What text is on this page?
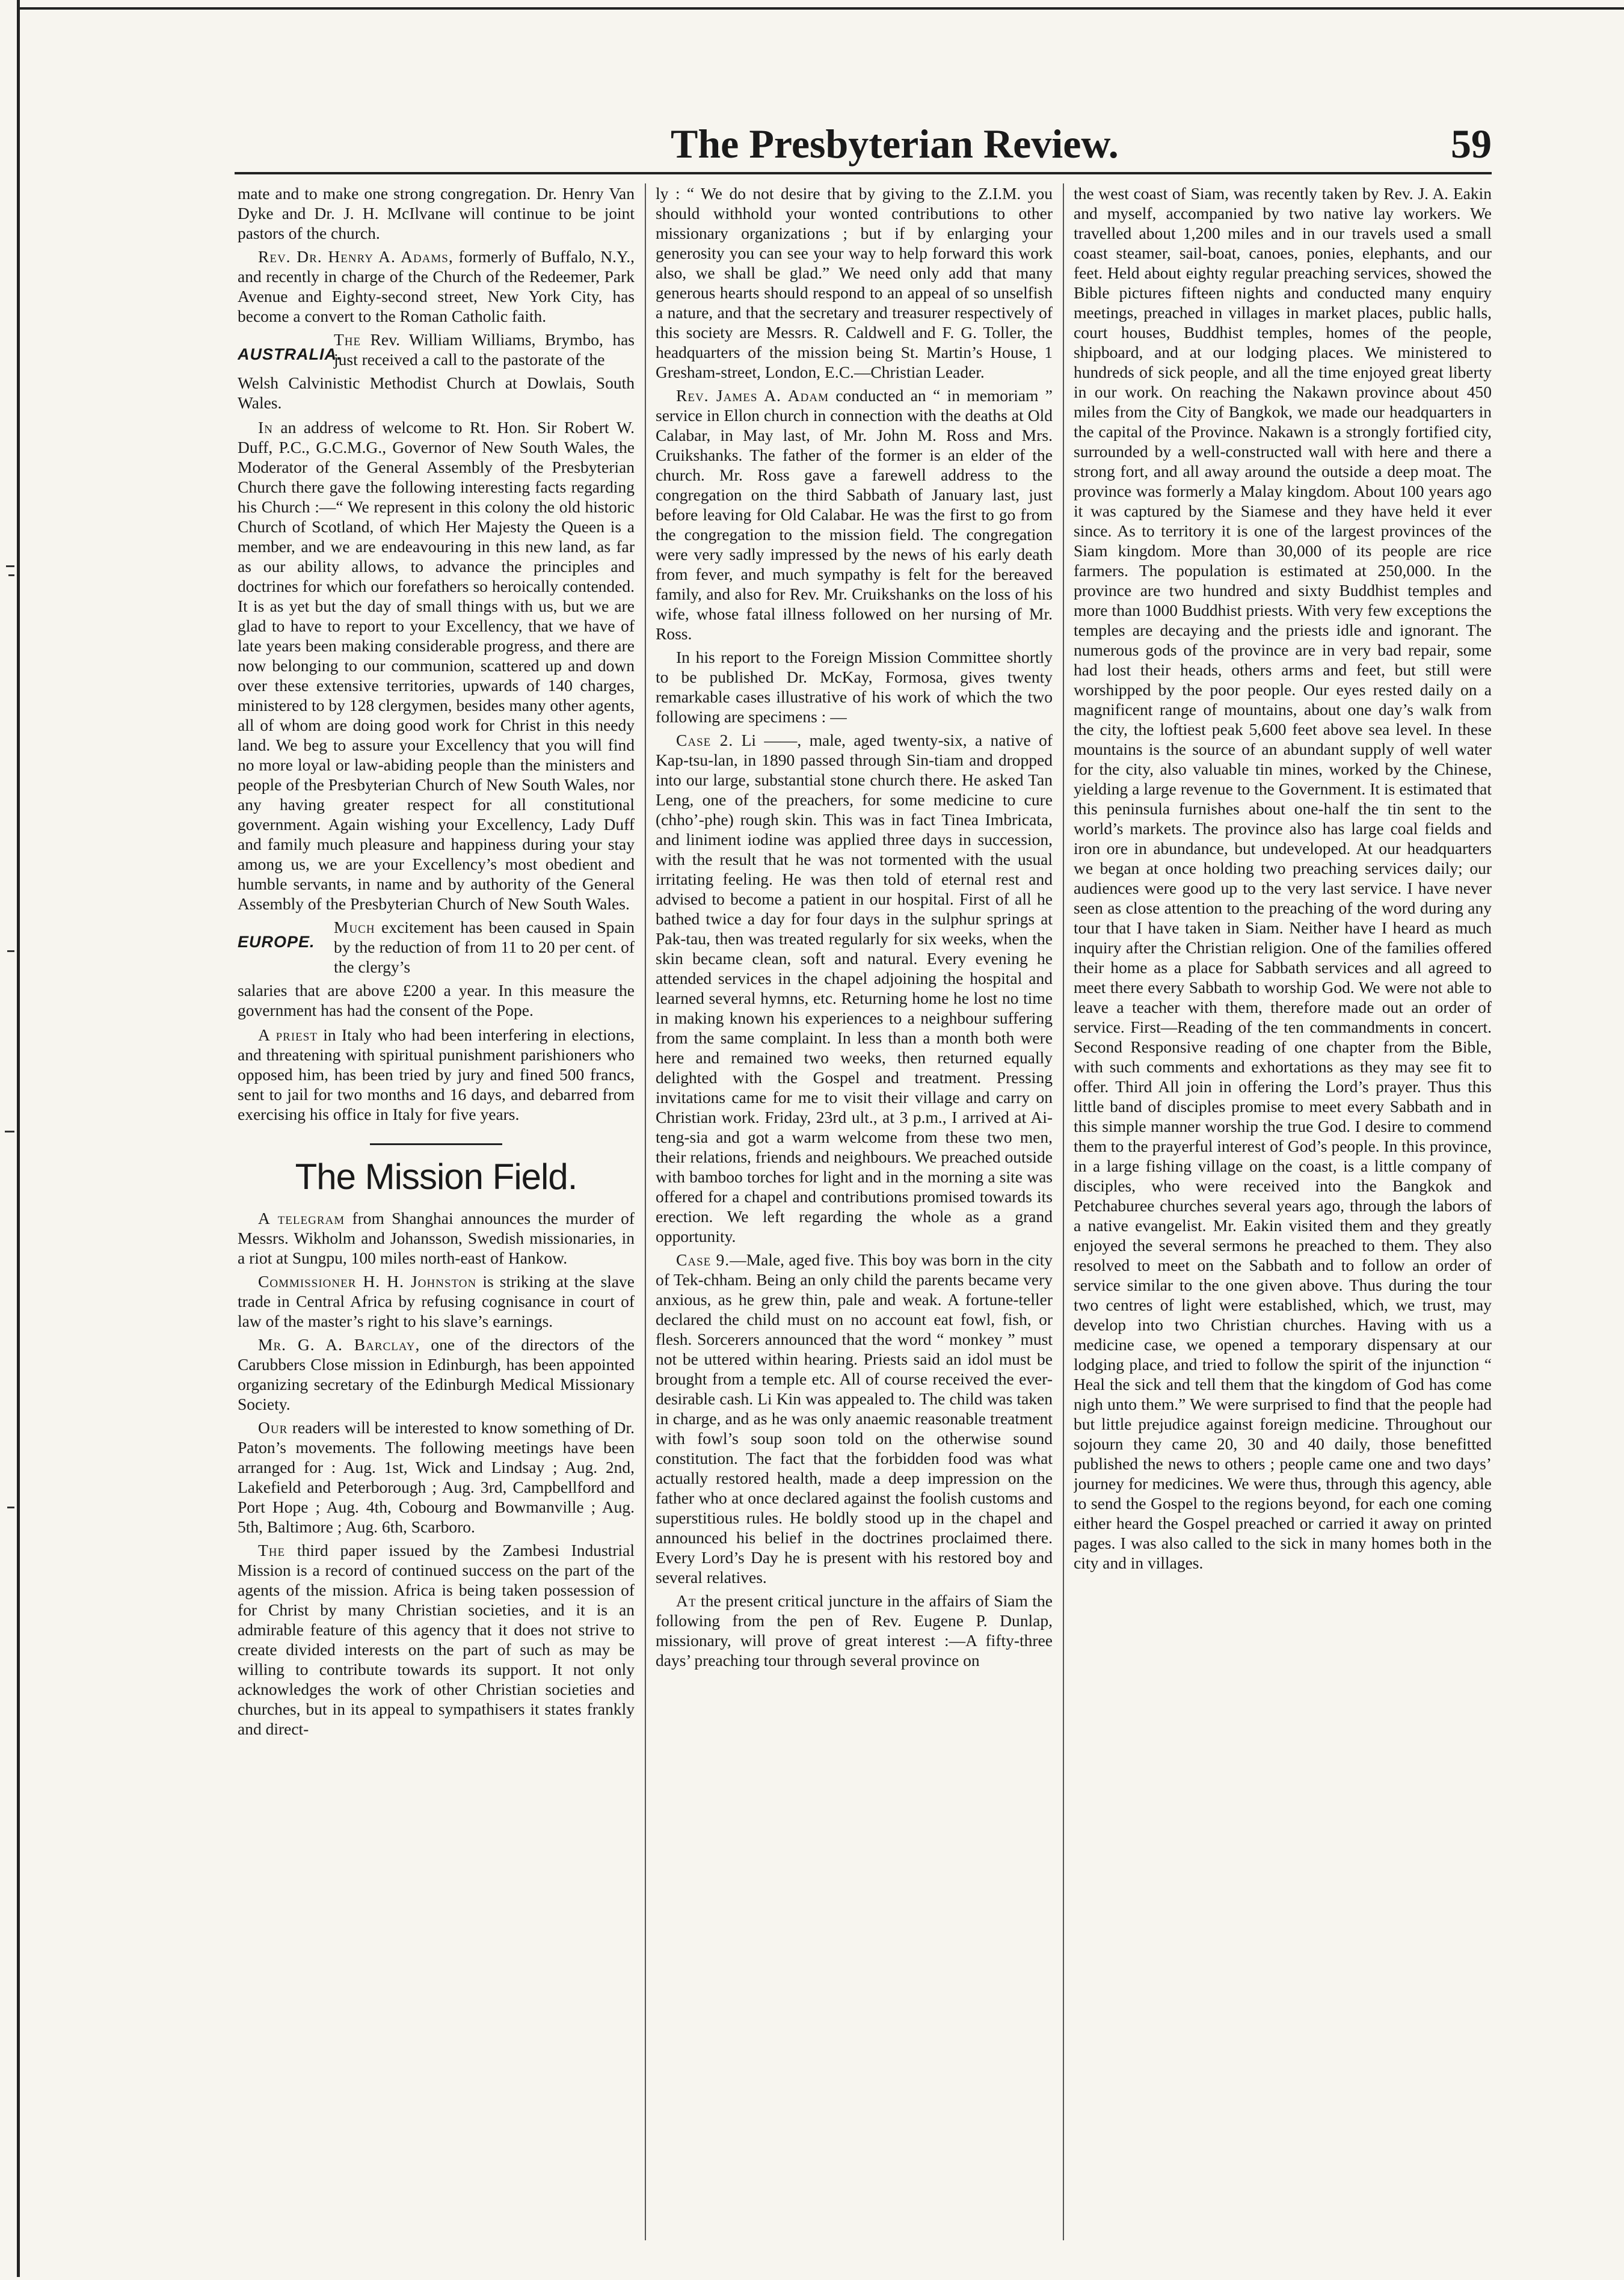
The Presbyterian Review.	59

mate and to make one strong congregation. Dr. Henry Van Dyke and Dr. J. H. McIlvane will continue to be joint pastors of the church.

Rev. Dr. Henry A. Adams, formerly of Buffalo, N.Y., and recently in charge of the Church of the Redeemer, Park Avenue and Eighty-second street, New York City, has become a convert to the Roman Catholic faith.

AUSTRALIA.

The Rev. William Williams, Brymbo, has just received a call to the pastorate of the

Welsh Calvinistic Methodist Church at Dowlais, South Wales.

In an address of welcome to Rt. Hon. Sir Robert W. Duff, P.C., G.C.M.G., Governor of New South Wales, the Moderator of the General Assembly of the Presbyterian Church there gave the following interesting facts regarding his Church :—“ We represent in this colony the old historic Church of Scotland, of which Her Majesty the Queen is a member, and we are endeavouring in this new land, as far as our ability allows, to advance the principles and doctrines for which our forefathers so heroically contended. It is as yet but the day of small things with us, but we are glad to have to report to your Excellency, that we have of late years been making considerable progress, and there are now belonging to our communion, scattered up and down over these extensive territories, upwards of 140 charges, ministered to by 128 clergymen, besides many other agents, all of whom are doing good work for Christ in this needy land. We beg to assure your Excellency that you will find no more loyal or law-abiding people than the ministers and people of the Presbyterian Church of New South Wales, nor any having greater respect for all constitutional government. Again wishing your Excellency, Lady Duff and family much pleasure and happiness during your stay among us, we are your Excellency’s most obedient and humble servants, in name and by authority of the General Assembly of the Presbyterian Church of New South Wales.

EUROPE.

Much excitement has been caused in Spain by the reduction of from 11 to 20 per cent. of the clergy’s

salaries that are above £200 a year. In this measure the government has had the consent of the Pope.

A priest in Italy who had been interfering in elections, and threatening with spiritual punishment parishioners who opposed him, has been tried by jury and fined 500 francs, sent to jail for two months and 16 days, and debarred from exercising his office in Italy for five years.

The Mission Field.

A telegram from Shanghai announces the murder of Messrs. Wikholm and Johansson, Swedish missionaries, in a riot at Sungpu, 100 miles north-east of Hankow.

Commissioner H. H. Johnston is striking at the slave trade in Central Africa by refusing cognisance in court of law of the master’s right to his slave’s earnings.

Mr. G. A. Barclay, one of the directors of the Carubbers Close mission in Edinburgh, has been appointed organizing secretary of the Edinburgh Medical Missionary Society.

Our readers will be interested to know something of Dr. Paton’s movements. The following meetings have been arranged for : Aug. 1st, Wick and Lindsay ; Aug. 2nd, Lakefield and Peterborough ; Aug. 3rd, Campbellford and Port Hope ; Aug. 4th, Cobourg and Bowmanville ; Aug. 5th, Baltimore ; Aug. 6th, Scarboro.

The third paper issued by the Zambesi Industrial Mission is a record of continued success on the part of the agents of the mission. Africa is being taken possession of for Christ by many Christian societies, and it is an admirable feature of this agency that it does not strive to create divided interests on the part of such as may be willing to contribute towards its support. It not only acknowledges the work of other Christian societies and churches, but in its appeal to sympathisers it states frankly and direct-

ly : “ We do not desire that by giving to the Z.I.M. you should withhold your wonted contributions to other missionary organizations ; but if by enlarging your generosity you can see your way to help forward this work also, we shall be glad.” We need only add that many generous hearts should respond to an appeal of so unselfish a nature, and that the secretary and treasurer respectively of this society are Messrs. R. Caldwell and F. G. Toller, the headquarters of the mission being St. Martin’s House, 1 Gresham-street, London, E.C.—Christian Leader.

Rev. James A. Adam conducted an “ in memoriam ” service in Ellon church in connection with the deaths at Old Calabar, in May last, of Mr. John M. Ross and Mrs. Cruikshanks. The father of the former is an elder of the church. Mr. Ross gave a farewell address to the congregation on the third Sabbath of January last, just before leaving for Old Calabar. He was the first to go from the congregation to the mission field. The congregation were very sadly impressed by the news of his early death from fever, and much sympathy is felt for the bereaved family, and also for Rev. Mr. Cruikshanks on the loss of his wife, whose fatal illness followed on her nursing of Mr. Ross.

In his report to the Foreign Mission Committee shortly to be published Dr. McKay, Formosa, gives twenty remarkable cases illustrative of his work of which the two following are specimens : —

Case 2. Li ——, male, aged twenty-six, a native of Kap-tsu-lan, in 1890 passed through Sin-tiam and dropped into our large, substantial stone church there. He asked Tan Leng, one of the preachers, for some medicine to cure (chho’-phe) rough skin. This was in fact Tinea Imbricata, and liniment iodine was applied three days in succession, with the result that he was not tormented with the usual irritating feeling. He was then told of eternal rest and advised to become a patient in our hospital. First of all he bathed twice a day for four days in the sulphur springs at Pak-tau, then was treated regularly for six weeks, when the skin became clean, soft and natural. Every evening he attended services in the chapel adjoining the hospital and learned several hymns, etc. Returning home he lost no time in making known his experiences to a neighbour suffering from the same complaint. In less than a month both were here and remained two weeks, then returned equally delighted with the Gospel and treatment. Pressing invitations came for me to visit their village and carry on Christian work. Friday, 23rd ult., at 3 p.m., I arrived at Ai-teng-sia and got a warm welcome from these two men, their relations, friends and neighbours. We preached outside with bamboo torches for light and in the morning a site was offered for a chapel and contributions promised towards its erection. We left regarding the whole as a grand opportunity.

Case 9.—Male, aged five. This boy was born in the city of Tek-chham. Being an only child the parents became very anxious, as he grew thin, pale and weak. A fortune-teller declared the child must on no account eat fowl, fish, or flesh. Sorcerers announced that the word “ monkey ” must not be uttered within hearing. Priests said an idol must be brought from a temple etc. All of course received the ever-desirable cash. Li Kin was appealed to. The child was taken in charge, and as he was only anaemic reasonable treatment with fowl’s soup soon told on the otherwise sound constitution. The fact that the forbidden food was what actually restored health, made a deep impression on the father who at once declared against the foolish customs and superstitious rules. He boldly stood up in the chapel and announced his belief in the doctrines proclaimed there. Every Lord’s Day he is present with his restored boy and several relatives.

At the present critical juncture in the affairs of Siam the following from the pen of Rev. Eugene P. Dunlap, missionary, will prove of great interest :—A fifty-three days’ preaching tour through several province on

the west coast of Siam, was recently taken by Rev. J. A. Eakin and myself, accompanied by two native lay workers. We travelled about 1,200 miles and in our travels used a small coast steamer, sail-boat, canoes, ponies, elephants, and our feet. Held about eighty regular preaching services, showed the Bible pictures fifteen nights and conducted many enquiry meetings, preached in villages in market places, public halls, court houses, Buddhist temples, homes of the people, shipboard, and at our lodging places. We ministered to hundreds of sick people, and all the time enjoyed great liberty in our work. On reaching the Nakawn province about 450 miles from the City of Bangkok, we made our headquarters in the capital of the Province. Nakawn is a strongly fortified city, surrounded by a well-constructed wall with here and there a strong fort, and all away around the outside a deep moat. The province was formerly a Malay kingdom. About 100 years ago it was captured by the Siamese and they have held it ever since. As to territory it is one of the largest provinces of the Siam kingdom. More than 30,000 of its people are rice farmers. The population is estimated at 250,000. In the province are two hundred and sixty Buddhist temples and more than 1000 Buddhist priests. With very few exceptions the temples are decaying and the priests idle and ignorant. The numerous gods of the province are in very bad repair, some had lost their heads, others arms and feet, but still were worshipped by the poor people. Our eyes rested daily on a magnificent range of mountains, about one day’s walk from the city, the loftiest peak 5,600 feet above sea level. In these mountains is the source of an abundant supply of well water for the city, also valuable tin mines, worked by the Chinese, yielding a large revenue to the Government. It is estimated that this peninsula furnishes about one-half the tin sent to the world’s markets. The province also has large coal fields and iron ore in abundance, but undeveloped. At our headquarters we began at once holding two preaching services daily; our audiences were good up to the very last service. I have never seen as close attention to the preaching of the word during any tour that I have taken in Siam. Neither have I heard as much inquiry after the Christian religion. One of the families offered their home as a place for Sabbath services and all agreed to meet there every Sabbath to worship God. We were not able to leave a teacher with them, therefore made out an order of service. First—Reading of the ten commandments in concert. Second Responsive reading of one chapter from the Bible, with such comments and exhortations as they may see fit to offer. Third All join in offering the Lord’s prayer. Thus this little band of disciples promise to meet every Sabbath and in this simple manner worship the true God. I desire to commend them to the prayerful interest of God’s people. In this province, in a large fishing village on the coast, is a little company of disciples, who were received into the Bangkok and Petchaburee churches several years ago, through the labors of a native evangelist. Mr. Eakin visited them and they greatly enjoyed the several sermons he preached to them. They also resolved to meet on the Sabbath and to follow an order of service similar to the one given above. Thus during the tour two centres of light were established, which, we trust, may develop into two Christian churches. Having with us a medicine case, we opened a temporary dispensary at our lodging place, and tried to follow the spirit of the injunction “ Heal the sick and tell them that the kingdom of God has come nigh unto them.” We were surprised to find that the people had but little prejudice against foreign medicine. Throughout our sojourn they came 20, 30 and 40 daily, those benefitted published the news to others ; people came one and two days’ journey for medicines. We were thus, through this agency, able to send the Gospel to the regions beyond, for each one coming either heard the Gospel preached or carried it away on printed pages. I was also called to the sick in many homes both in the city and in villages.
